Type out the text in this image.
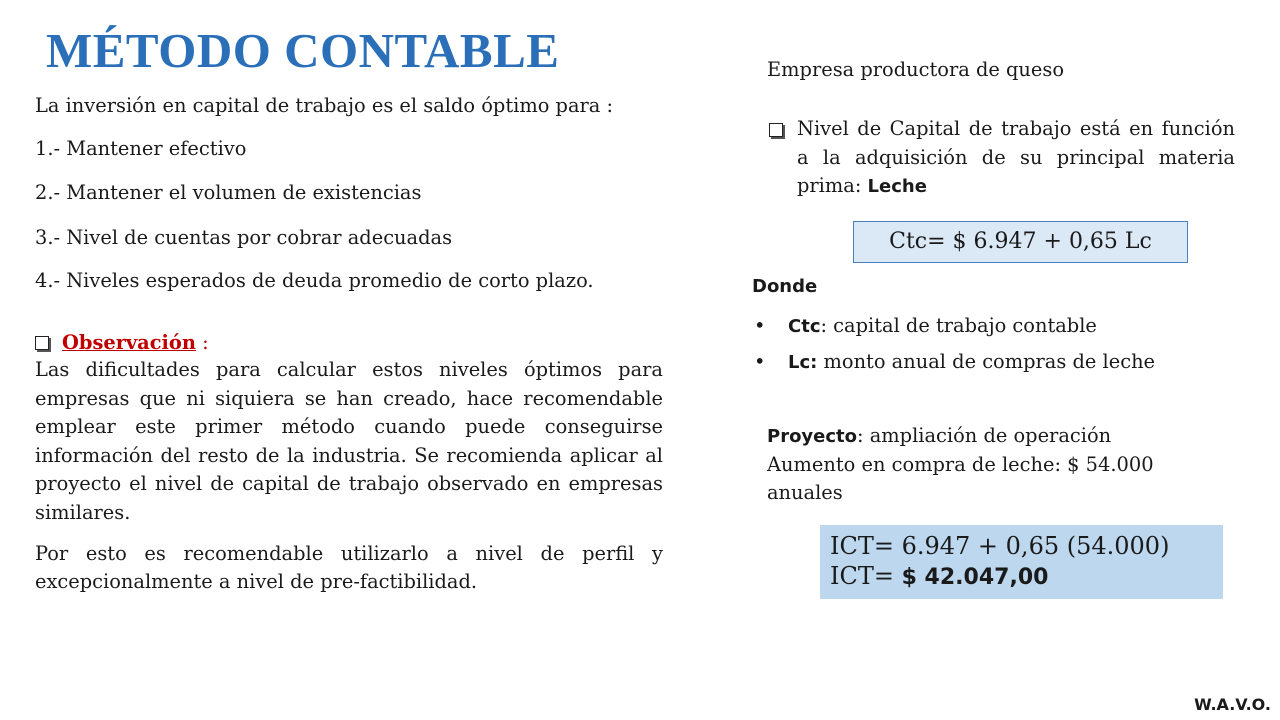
MÉTODO CONTABLE

La inversión en capital de trabajo es el saldo óptimo para :

1.- Mantener efectivo

2.- Mantener el volumen de existencias

3.- Nivel de cuentas por cobrar adecuadas

4.- Niveles esperados de deuda promedio de corto plazo.

Observación :

Las dificultades para calcular estos niveles óptimos para empresas que ni siquiera se han creado, hace recomendable emplear este primer método cuando puede conseguirse información del resto de la industria. Se recomienda aplicar al proyecto el nivel de capital de trabajo observado en empresas similares.

Por esto es recomendable utilizarlo a nivel de perfil y excepcionalmente a nivel de pre-factibilidad.

Empresa productora de queso
Nivel de Capital de trabajo está en función a la adquisición de su principal materia prima: Leche
Ctc= $ 6.947 + 0,65 Lc
Donde
• Ctc: capital de trabajo contable
• Lc: monto anual de compras de leche
Proyecto: ampliación de operación
Aumento en compra de leche: $ 54.000 anuales
ICT= 6.947 + 0,65 (54.000)
ICT= $ 42.047,00
W.A.V.O.
